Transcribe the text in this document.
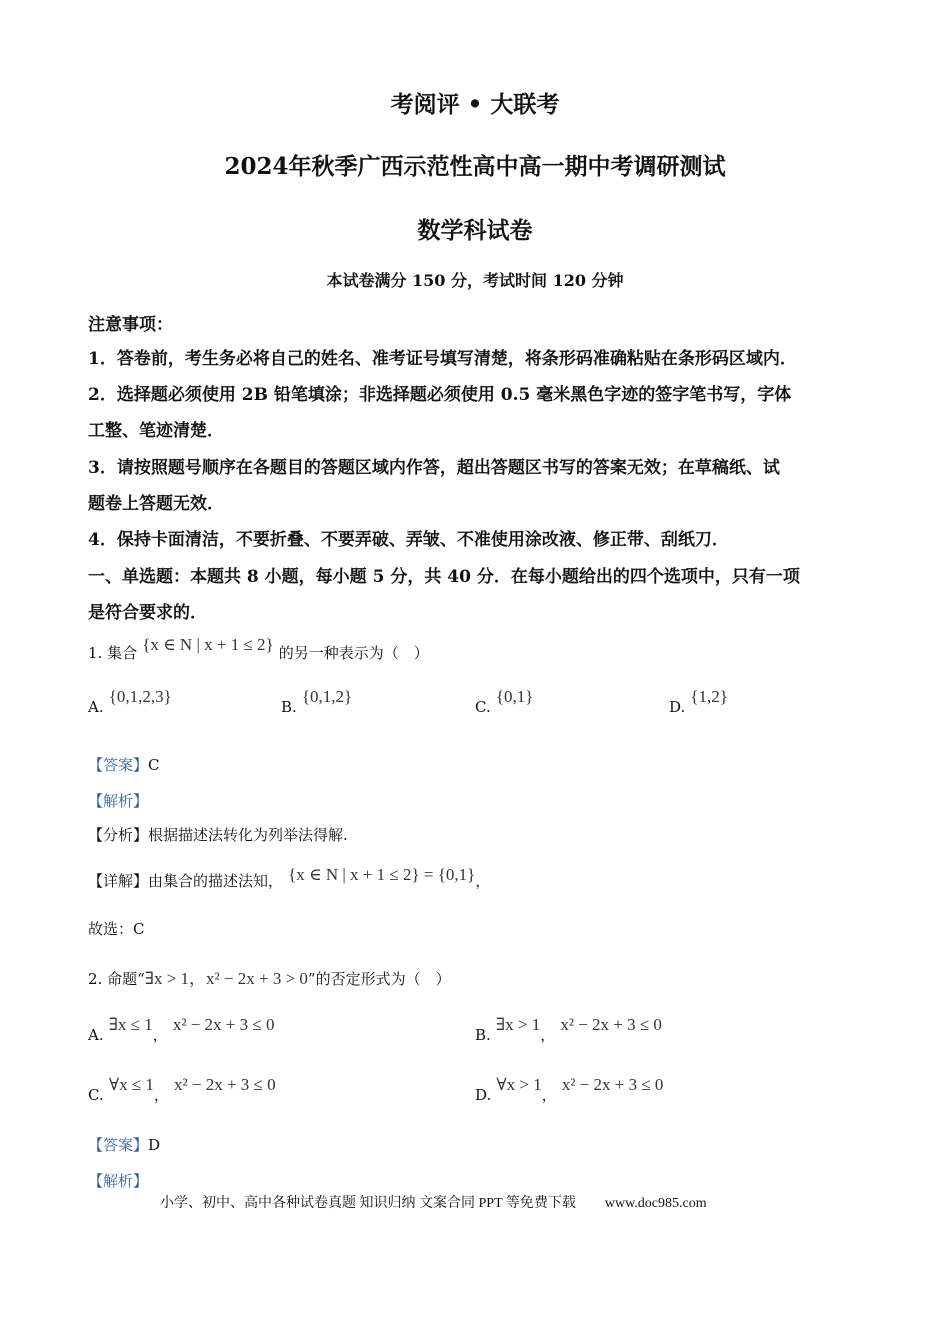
考阅评 • 大联考
2024年秋季广西示范性高中高一期中考调研测试
数学科试卷
本试卷满分 150 分，考试时间 120 分钟
注意事项：
1．答卷前，考生务必将自己的姓名、准考证号填写清楚，将条形码准确粘贴在条形码区域内．
2．选择题必须使用 2B 铅笔填涂；非选择题必须使用 0.5 毫米黑色字迹的签字笔书写，字体
工整、笔迹清楚．
3．请按照题号顺序在各题目的答题区域内作答，超出答题区书写的答案无效；在草稿纸、试
题卷上答题无效．
4．保持卡面清洁，不要折叠、不要弄破、弄皱、不准使用涂改液、修正带、刮纸刀．
一、单选题：本题共 8 小题，每小题 5 分，共 40 分．在每小题给出的四个选项中，只有一项
是符合要求的．
1. 集合 {x ∈ N | x + 1 ≤ 2} 的另一种表示为（　）
A. {0,1,2,3}
B. {0,1,2}
C. {0,1}
D. {1,2}
【答案】C
【解析】
【分析】根据描述法转化为列举法得解.
【详解】由集合的描述法知， {x ∈ N | x + 1 ≤ 2} = {0,1}，
故选：C
2. 命题“∃x > 1，x² − 2x + 3 > 0”的否定形式为（　）
A. ∃x ≤ 1， x² − 2x + 3 ≤ 0
B. ∃x > 1， x² − 2x + 3 ≤ 0
C. ∀x ≤ 1， x² − 2x + 3 ≤ 0
D. ∀x > 1， x² − 2x + 3 ≤ 0
【答案】D
【解析】
小学、初中、高中各种试卷真题 知识归纳 文案合同 PPT 等免费下载 www.doc985.com
